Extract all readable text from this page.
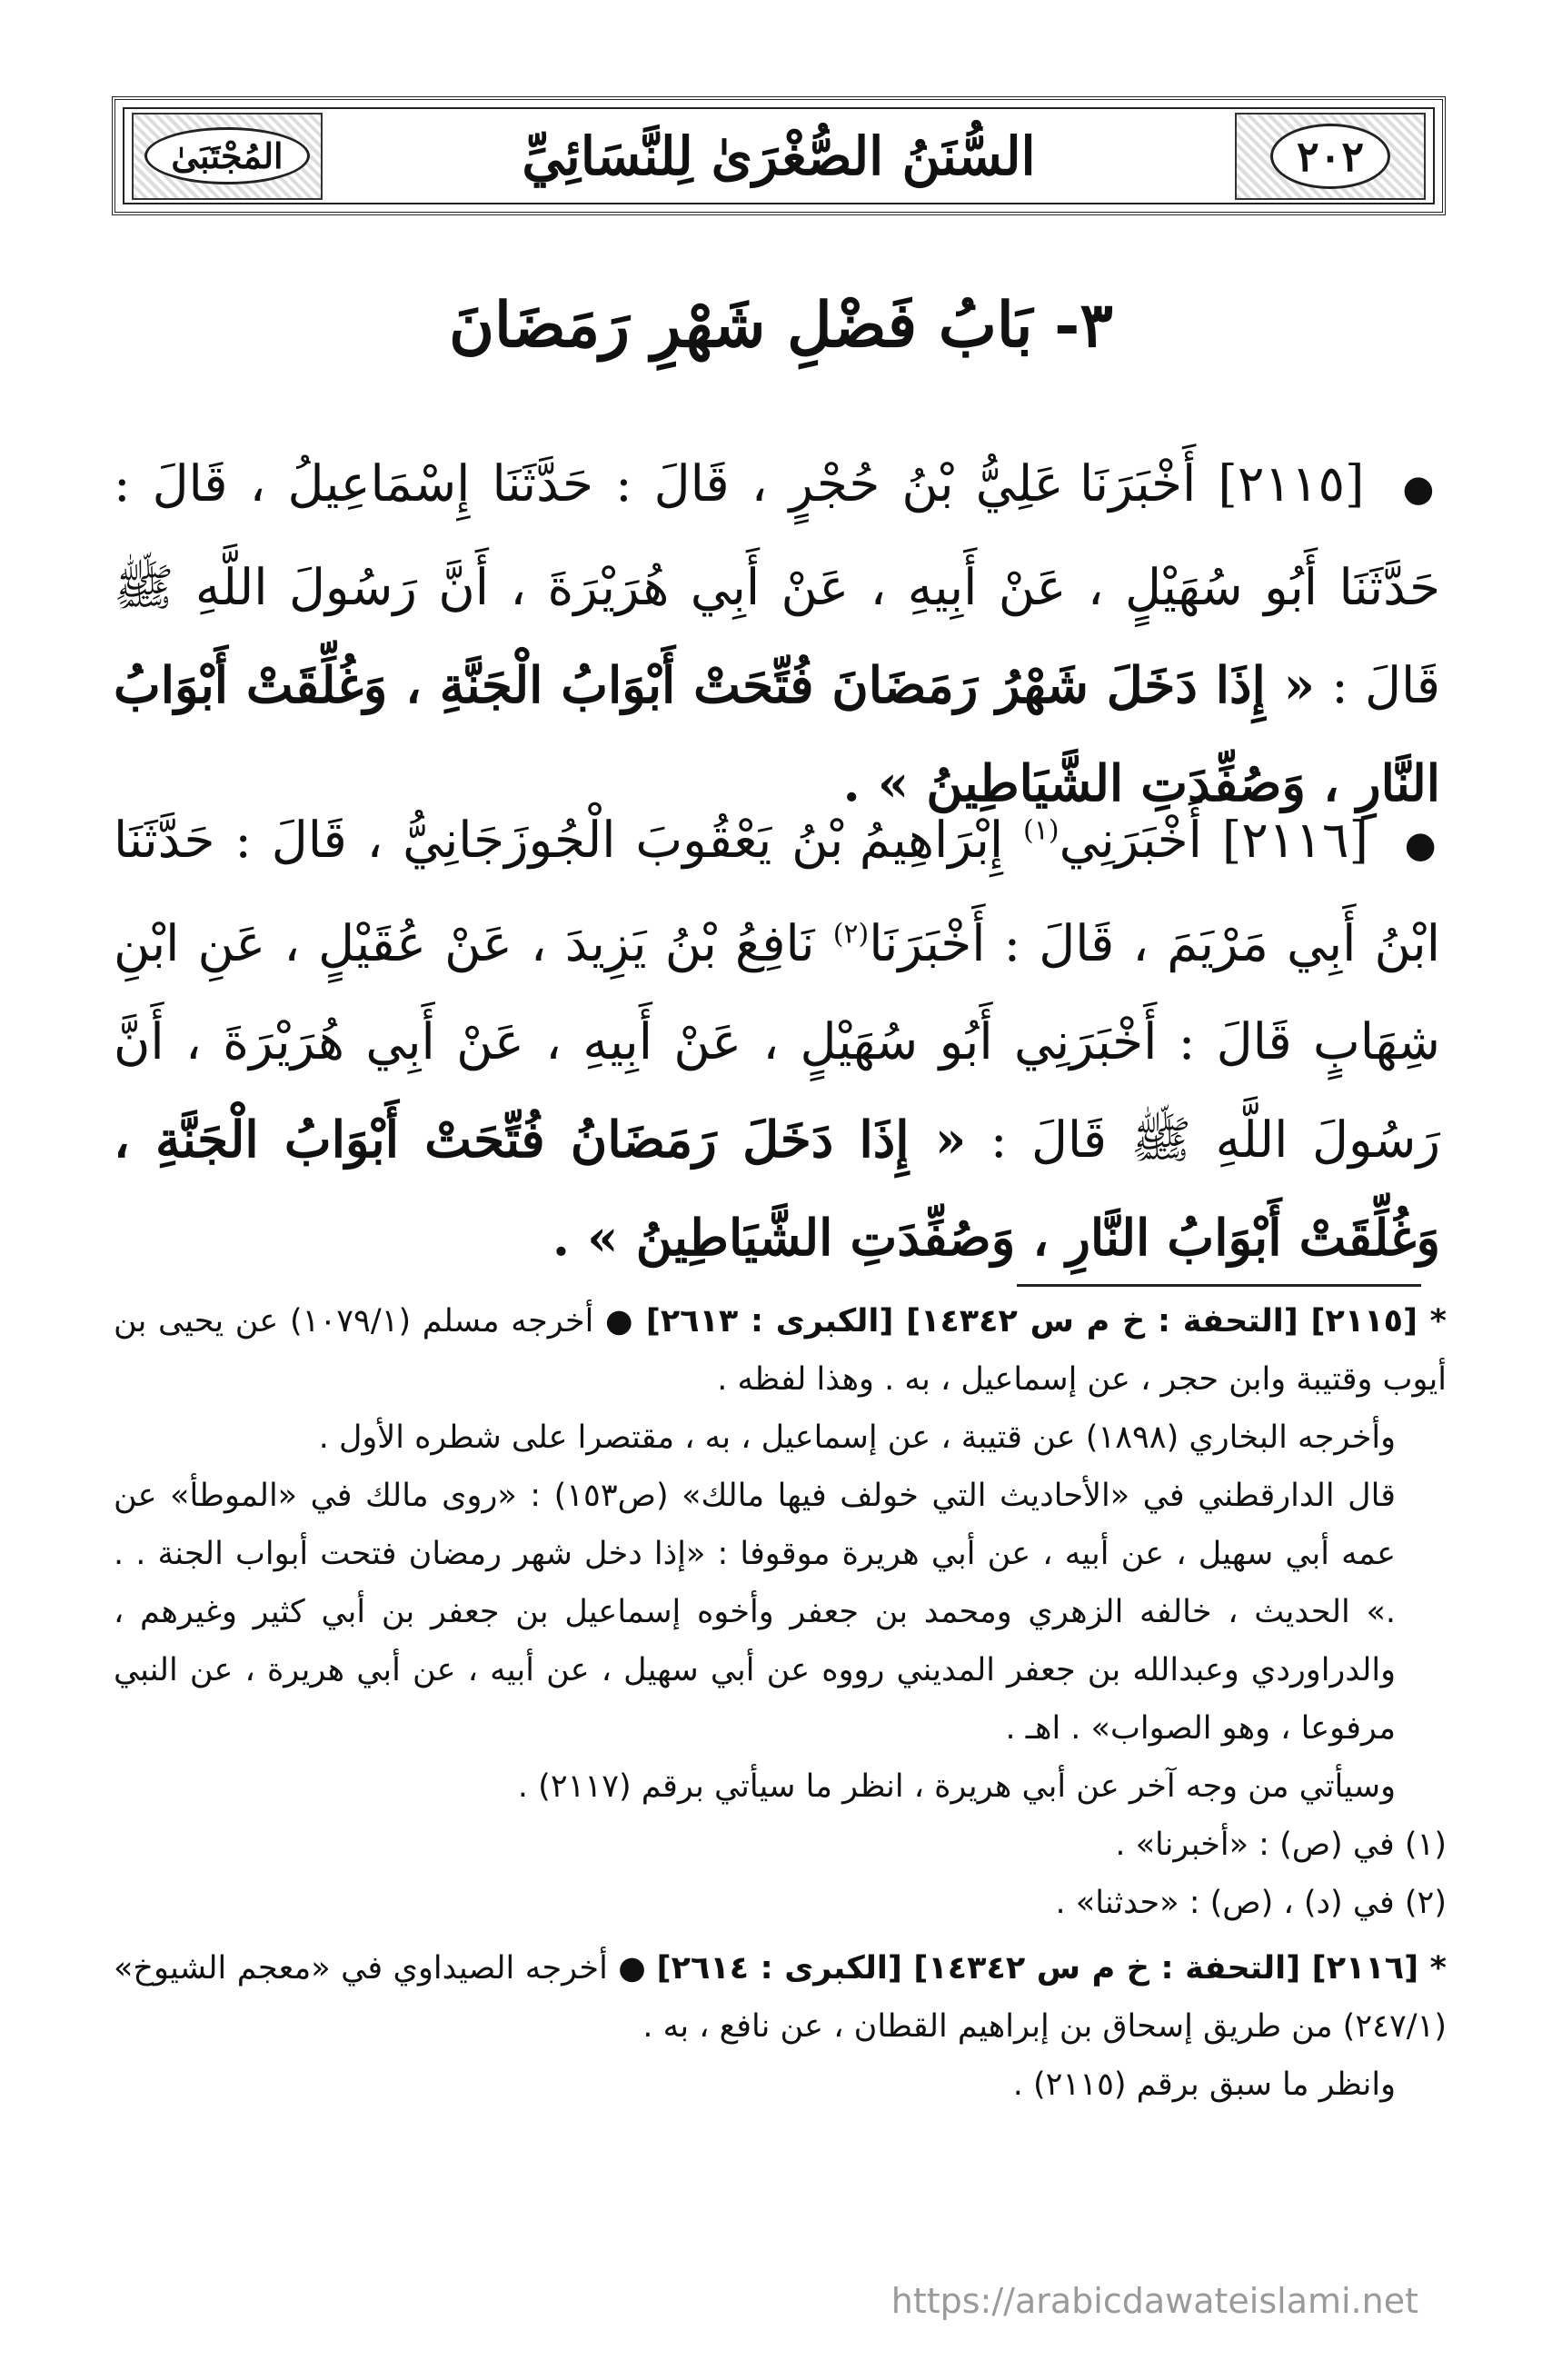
٢٠٢
السُّنَنُ الصُّغْرَىٰ لِلنَّسَائِيِّ
المُجْتَبَىٰ
٣- بَابُ فَضْلِ شَهْرِ رَمَضَانَ
● [٢١١٥] أَخْبَرَنَا عَلِيُّ بْنُ حُجْرٍ ، قَالَ : حَدَّثَنَا إِسْمَاعِيلُ ، قَالَ : حَدَّثَنَا أَبُو سُهَيْلٍ ، عَنْ أَبِيهِ ، عَنْ أَبِي هُرَيْرَةَ ، أَنَّ رَسُولَ اللَّهِ ﷺ قَالَ : « إِذَا دَخَلَ شَهْرُ رَمَضَانَ فُتِّحَتْ أَبْوَابُ الْجَنَّةِ ، وَغُلِّقَتْ أَبْوَابُ النَّارِ ، وَصُفِّدَتِ الشَّيَاطِينُ » .
● [٢١١٦] أَخْبَرَنِي$^{(١)}$ إِبْرَاهِيمُ بْنُ يَعْقُوبَ الْجُوزَجَانِيُّ ، قَالَ : حَدَّثَنَا ابْنُ أَبِي مَرْيَمَ ، قَالَ : أَخْبَرَنَا$^{(٢)}$ نَافِعُ بْنُ يَزِيدَ ، عَنْ عُقَيْلٍ ، عَنِ ابْنِ شِهَابٍ قَالَ : أَخْبَرَنِي أَبُو سُهَيْلٍ ، عَنْ أَبِيهِ ، عَنْ أَبِي هُرَيْرَةَ ، أَنَّ رَسُولَ اللَّهِ ﷺ قَالَ : « إِذَا دَخَلَ رَمَضَانُ فُتِّحَتْ أَبْوَابُ الْجَنَّةِ ، وَغُلِّقَتْ أَبْوَابُ النَّارِ ، وَصُفِّدَتِ الشَّيَاطِينُ » .

* [٢١١٥] [التحفة : خ م س ١٤٣٤٢] [الكبرى : ٢٦١٣] ● أخرجه مسلم (١٠٧٩/١) عن يحيى بن أيوب وقتيبة وابن حجر ، عن إسماعيل ، به . وهذا لفظه .

وأخرجه البخاري (١٨٩٨) عن قتيبة ، عن إسماعيل ، به ، مقتصرا على شطره الأول .

قال الدارقطني في «الأحاديث التي خولف فيها مالك» (ص١٥٣) : «روى مالك في «الموطأ» عن عمه أبي سهيل ، عن أبيه ، عن أبي هريرة موقوفا : «إذا دخل شهر رمضان فتحت أبواب الجنة . . .» الحديث ، خالفه الزهري ومحمد بن جعفر وأخوه إسماعيل بن جعفر بن أبي كثير وغيرهم ، والدراوردي وعبدالله بن جعفر المديني رووه عن أبي سهيل ، عن أبيه ، عن أبي هريرة ، عن النبي مرفوعا ، وهو الصواب» . اهـ .

وسيأتي من وجه آخر عن أبي هريرة ، انظر ما سيأتي برقم (٢١١٧) .

(١) في (ص) : «أخبرنا» .

(٢) في (د) ، (ص) : «حدثنا» .

* [٢١١٦] [التحفة : خ م س ١٤٣٤٢] [الكبرى : ٢٦١٤] ● أخرجه الصيداوي في «معجم الشيوخ» (٢٤٧/١) من طريق إسحاق بن إبراهيم القطان ، عن نافع ، به .

وانظر ما سبق برقم (٢١١٥) .

https://arabicdawateislami.net
